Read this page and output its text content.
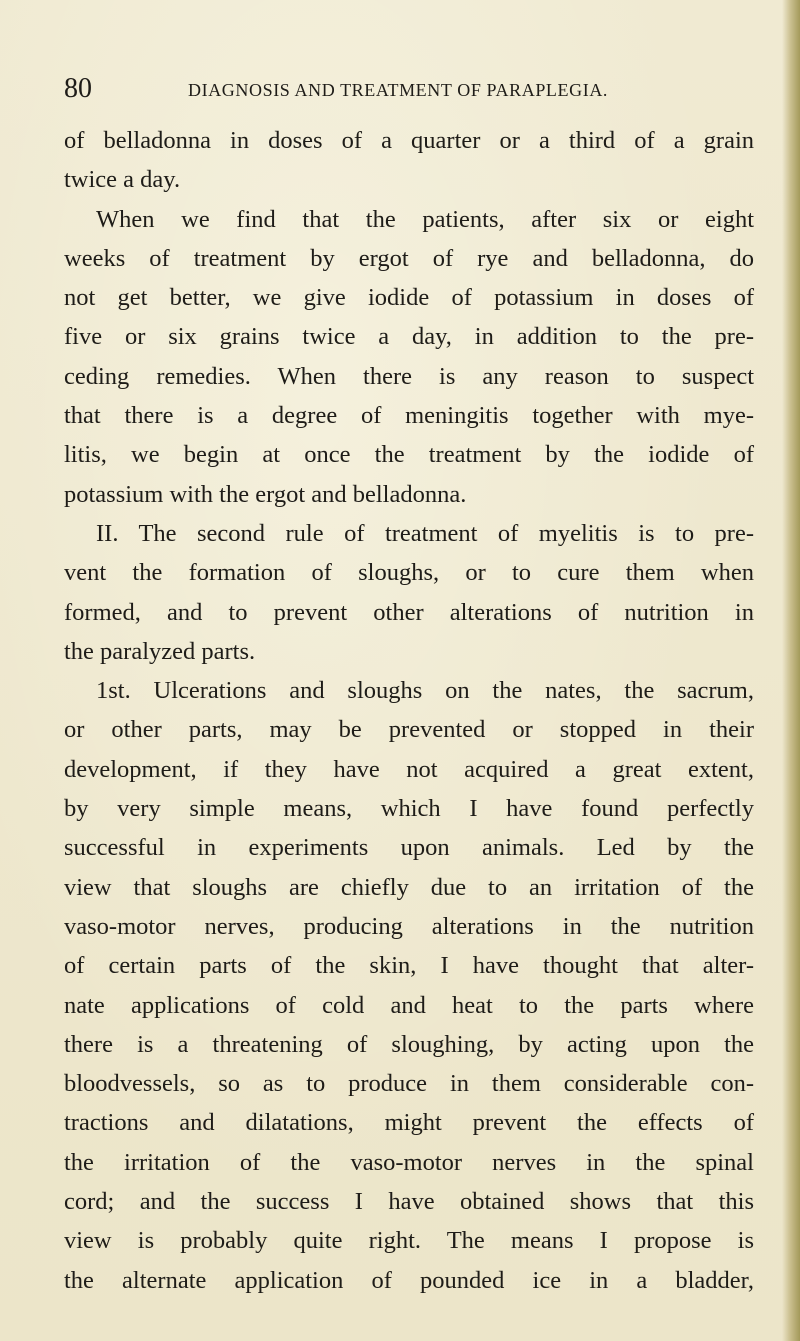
80	DIAGNOSIS AND TREATMENT OF PARAPLEGIA.
of belladonna in doses of a quarter or a third of a grain
twice a day.
When we find that the patients, after six or eight
weeks of treatment by ergot of rye and belladonna, do
not get better, we give iodide of potassium in doses of
five or six grains twice a day, in addition to the pre-
ceding remedies. When there is any reason to suspect
that there is a degree of meningitis together with mye-
litis, we begin at once the treatment by the iodide of
potassium with the ergot and belladonna.
II. The second rule of treatment of myelitis is to pre-
vent the formation of sloughs, or to cure them when
formed, and to prevent other alterations of nutrition in
the paralyzed parts.
1st. Ulcerations and sloughs on the nates, the sacrum,
or other parts, may be prevented or stopped in their
development, if they have not acquired a great extent,
by very simple means, which I have found perfectly
successful in experiments upon animals. Led by the
view that sloughs are chiefly due to an irritation of the
vaso-motor nerves, producing alterations in the nutrition
of certain parts of the skin, I have thought that alter-
nate applications of cold and heat to the parts where
there is a threatening of sloughing, by acting upon the
bloodvessels, so as to produce in them considerable con-
tractions and dilatations, might prevent the effects of
the irritation of the vaso-motor nerves in the spinal
cord; and the success I have obtained shows that this
view is probably quite right. The means I propose is
the alternate application of pounded ice in a bladder,
